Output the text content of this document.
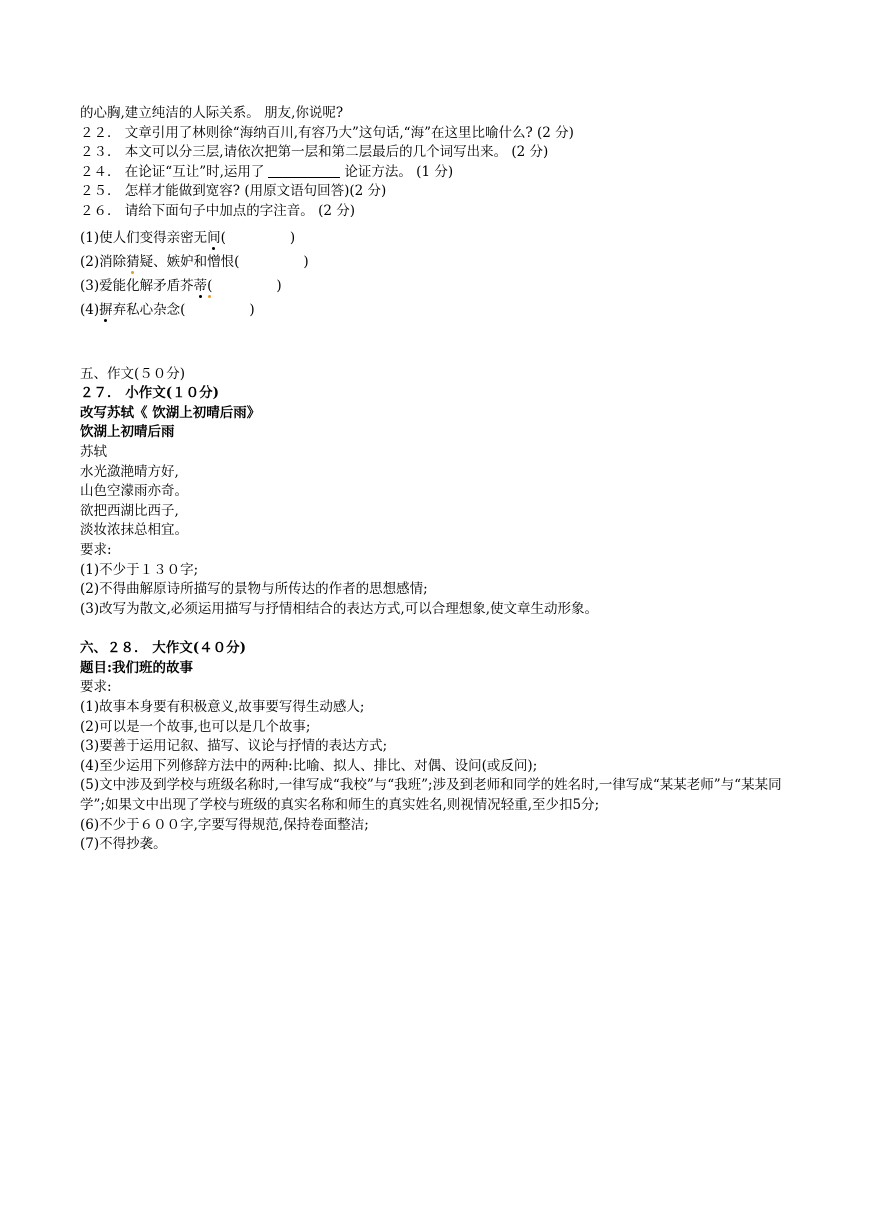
的心胸,建立纯洁的人际关系。 朋友,你说呢?
２２． 文章引用了林则徐“海纳百川,有容乃大”这句话,“海”在这里比喻什么? (2 分)
２３． 本文可以分三层,请依次把第一层和第二层最后的几个词写出来。 (2 分)
２４． 在论证“互让”时,运用了	论证方法。 (1 分)
２５． 怎样才能做到宽容? (用原文语句回答)(2 分)
２６． 请给下面句子中加点的字注音。 (2 分)
(1)使人们变得亲密无间(	)
(2)消除猜疑、嫉妒和憎恨(	)
(3)爱能化解矛盾芥蒂(	)
(4)摒弃私心杂念(	)
五、作文(５０分)
２７． 小作文(１０分)
改写苏轼《 饮湖上初晴后雨》
饮湖上初晴后雨
苏轼
水光潋滟晴方好,
山色空濛雨亦奇。
欲把西湖比西子,
淡妆浓抹总相宜。
要求:
(1)不少于１３０字;
(2)不得曲解原诗所描写的景物与所传达的作者的思想感情;
(3)改写为散文,必须运用描写与抒情相结合的表达方式,可以合理想象,使文章生动形象。
六、２８． 大作文(４０分)
题目:我们班的故事
要求:
(1)故事本身要有积极意义,故事要写得生动感人;
(2)可以是一个故事,也可以是几个故事;
(3)要善于运用记叙、描写、议论与抒情的表达方式;
(4)至少运用下列修辞方法中的两种:比喻、拟人、排比、对偶、设问(或反问);
(5)文中涉及到学校与班级名称时,一律写成“我校”与“我班”;涉及到老师和同学的姓名时,一律写成“某某老师”与“某某同学”;如果文中出现了学校与班级的真实名称和师生的真实姓名,则视情况轻重,至少扣5分;
(6)不少于６００字,字要写得规范,保持卷面整洁;
(7)不得抄袭。
